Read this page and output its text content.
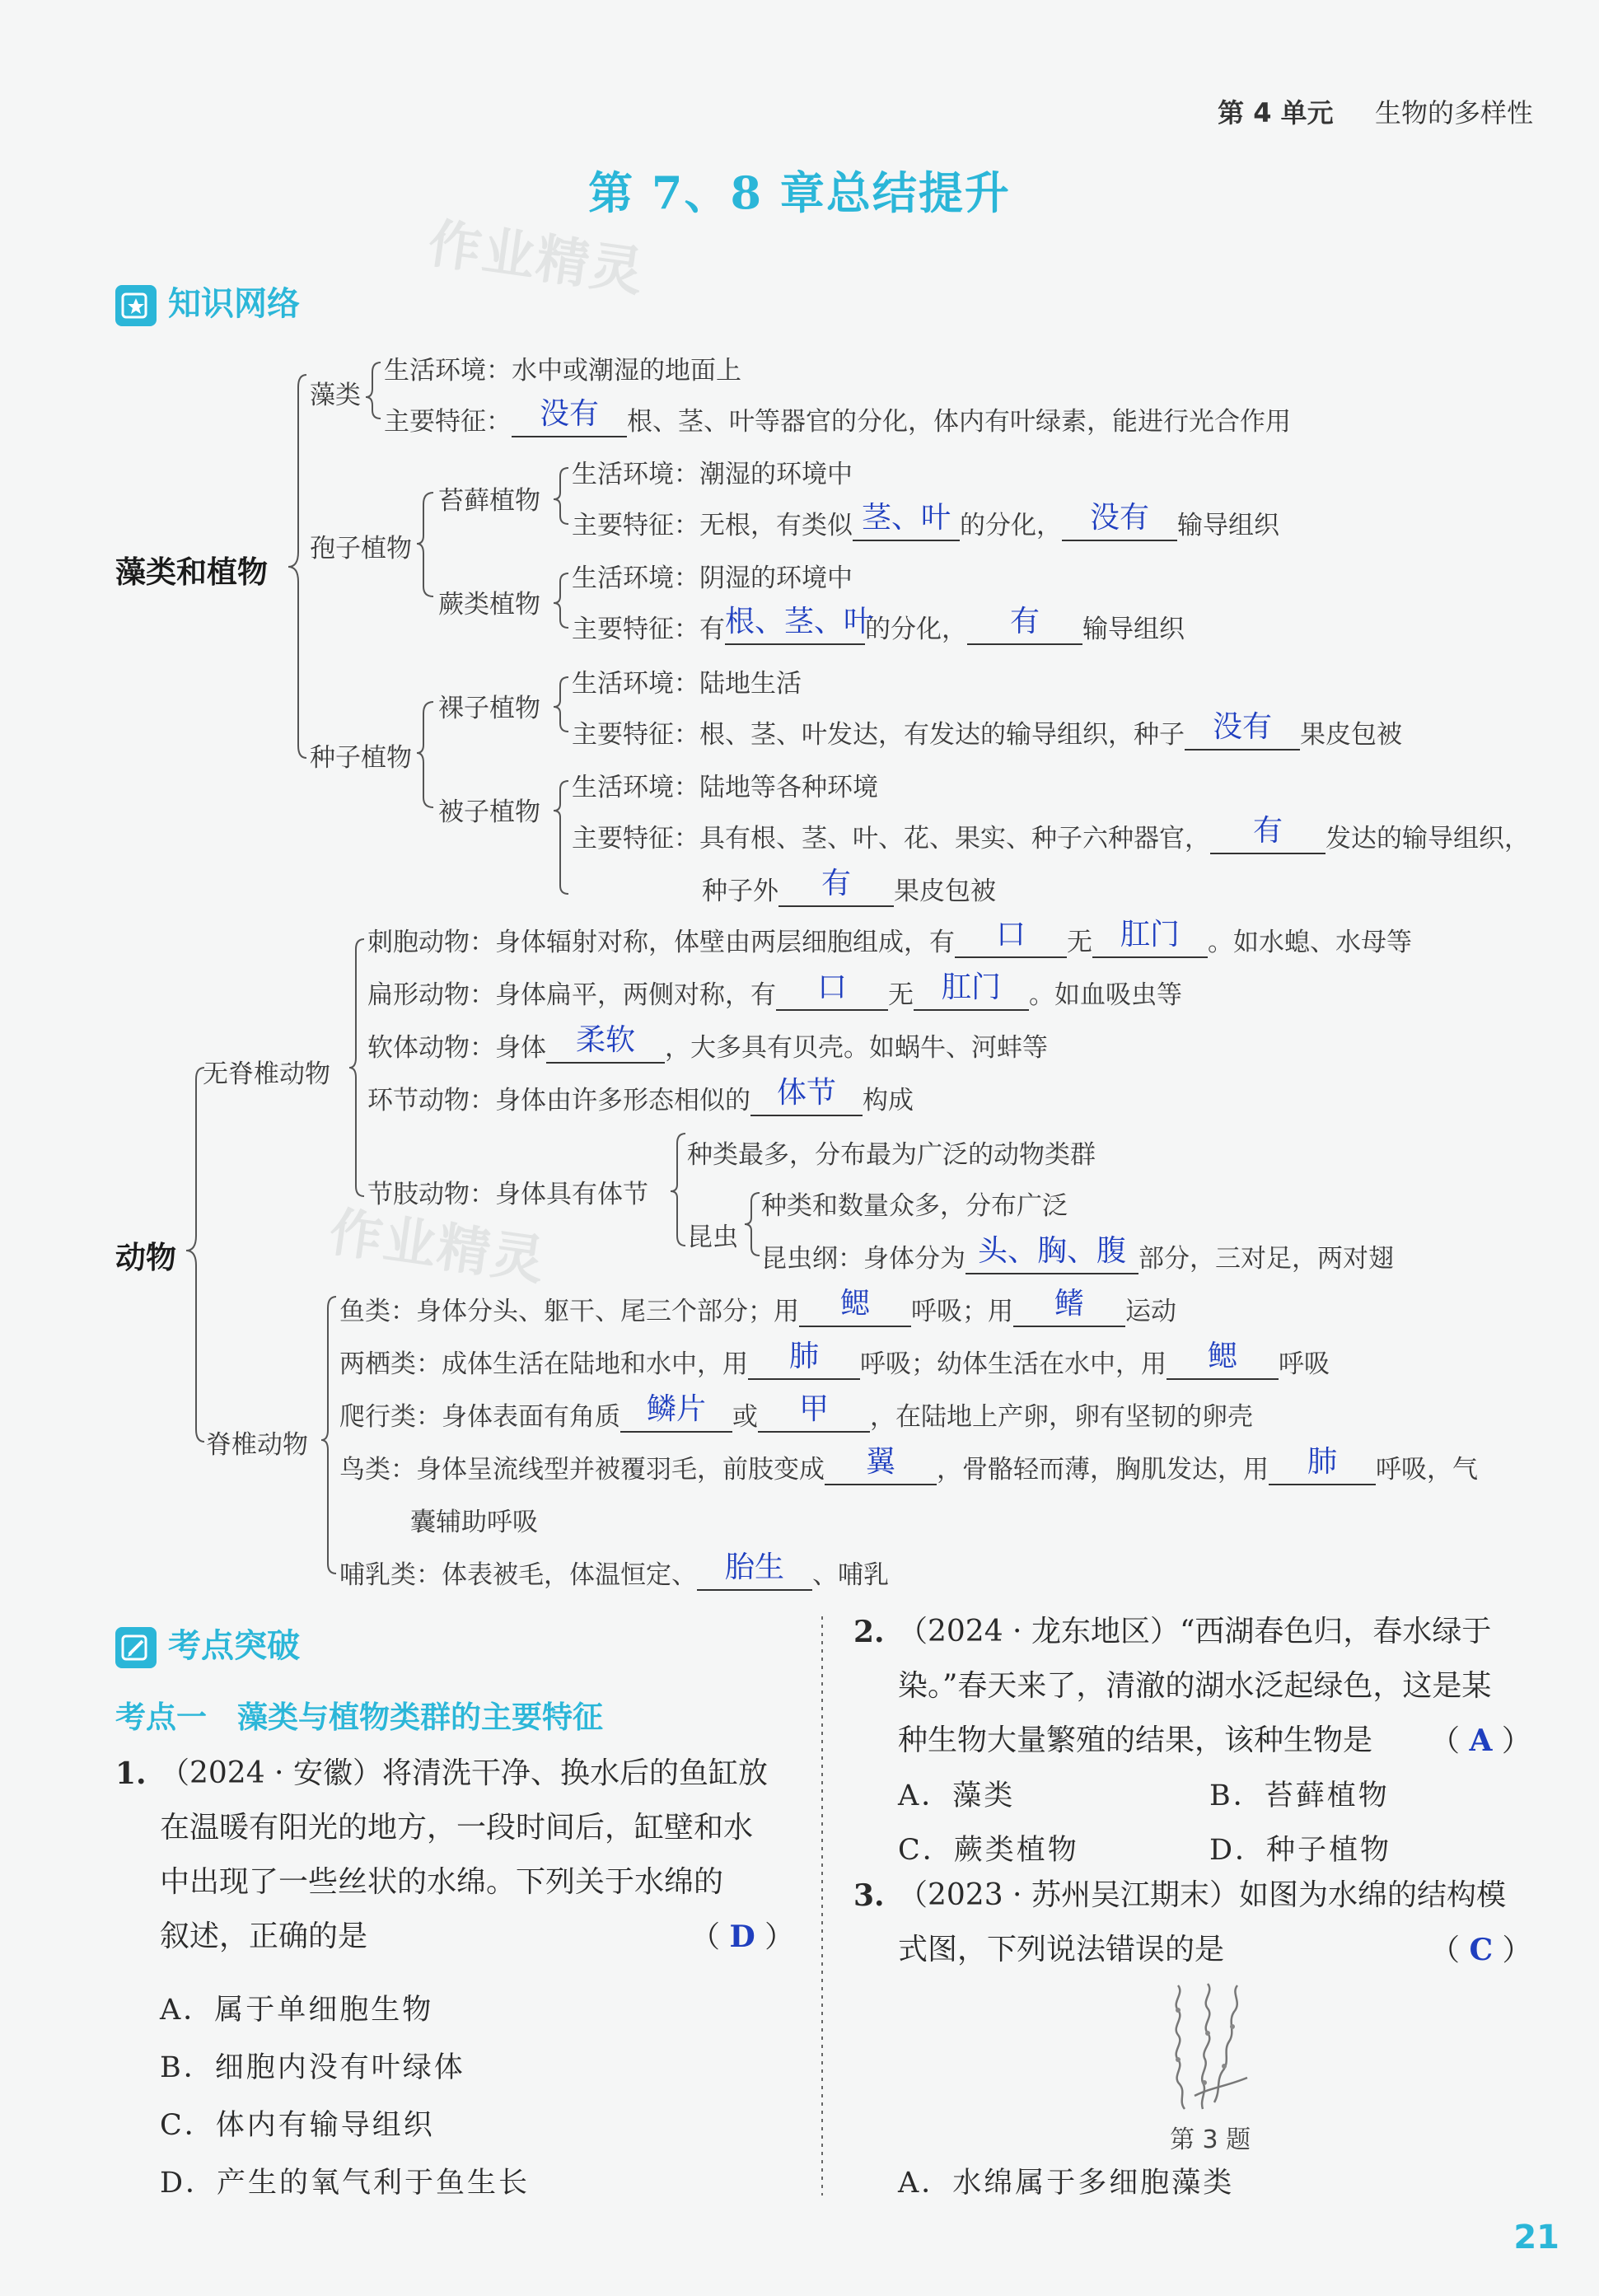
第 4 单元 生物的多样性
第 7、8 章总结提升
作业精灵
作业精灵
知识网络
藻类和植物
藻类
生活环境：水中或潮湿的地面上
主要特征： 没有	根、茎、叶等器官的分化，体内有叶绿素，能进行光合作用
孢子植物
苔藓植物
生活环境：潮湿的环境中
主要特征：无根，有类似 茎、叶 的分化， 没有	输导组织
蕨类植物
生活环境：阴湿的环境中
主要特征：有 根、茎、叶
的分化，	有	输导组织
种子植物
裸子植物
生活环境：陆地生活
主要特征：根、茎、叶发达，有发达的输导组织，种子 没有	果皮包被
被子植物
生活环境：陆地等各种环境
主要特征：具有根、茎、叶、花、果实、种子六种器官，	有	发达的输导组织，
种子外	有	果皮包被
动物
无脊椎动物
刺胞动物：身体辐射对称，体壁由两层细胞组成，有	口	无 肛门	。如水螅、水母等
扁形动物：身体扁平，两侧对称，有	口	无 肛门	。如血吸虫等
软体动物：身体 柔软	，大多具有贝壳。如蜗牛、河蚌等
环节动物：身体由许多形态相似的 体节	构成
节肢动物：身体具有体节
种类最多，分布最为广泛的动物类群
昆虫
种类和数量众多，分布广泛
昆虫纲：身体分为 头、胸、腹 部分，三对足，两对翅
脊椎动物
鱼类：身体分头、躯干、尾三个部分；用	鳃	呼吸；用	鳍	运动
两栖类：成体生活在陆地和水中，用	肺	呼吸；幼体生活在水中，用	鳃	呼吸
爬行类：身体表面有角质 鳞片	或	甲	，在陆地上产卵，卵有坚韧的卵壳
鸟类：身体呈流线型并被覆羽毛，前肢变成	翼	，骨骼轻而薄，胸肌发达，用	肺	呼吸，气
囊辅助呼吸
哺乳类：体表被毛，体温恒定、 胎生	、哺乳
考点突破
考点一　藻类与植物类群的主要特征
1. （2024 · 安徽）将清洗干净、换水后的鱼缸放
在温暖有阳光的地方，一段时间后，缸壁和水
中出现了一些丝状的水绵。下列关于水绵的
叙述，正确的是	（ D ）
A．属于单细胞生物
B．细胞内没有叶绿体
C．体内有输导组织
D．产生的氧气利于鱼生长
2. （2024 · 龙东地区）“西湖春色归，春水绿于
染。”春天来了，清澈的湖水泛起绿色，这是某
种生物大量繁殖的结果，该种生物是	（ A ）
A．藻类	B．苔藓植物
C．蕨类植物	D．种子植物
3. （2023 · 苏州吴江期末）如图为水绵的结构模
式图，下列说法错误的是	（ C ）
第 3 题
A．水绵属于多细胞藻类
21
